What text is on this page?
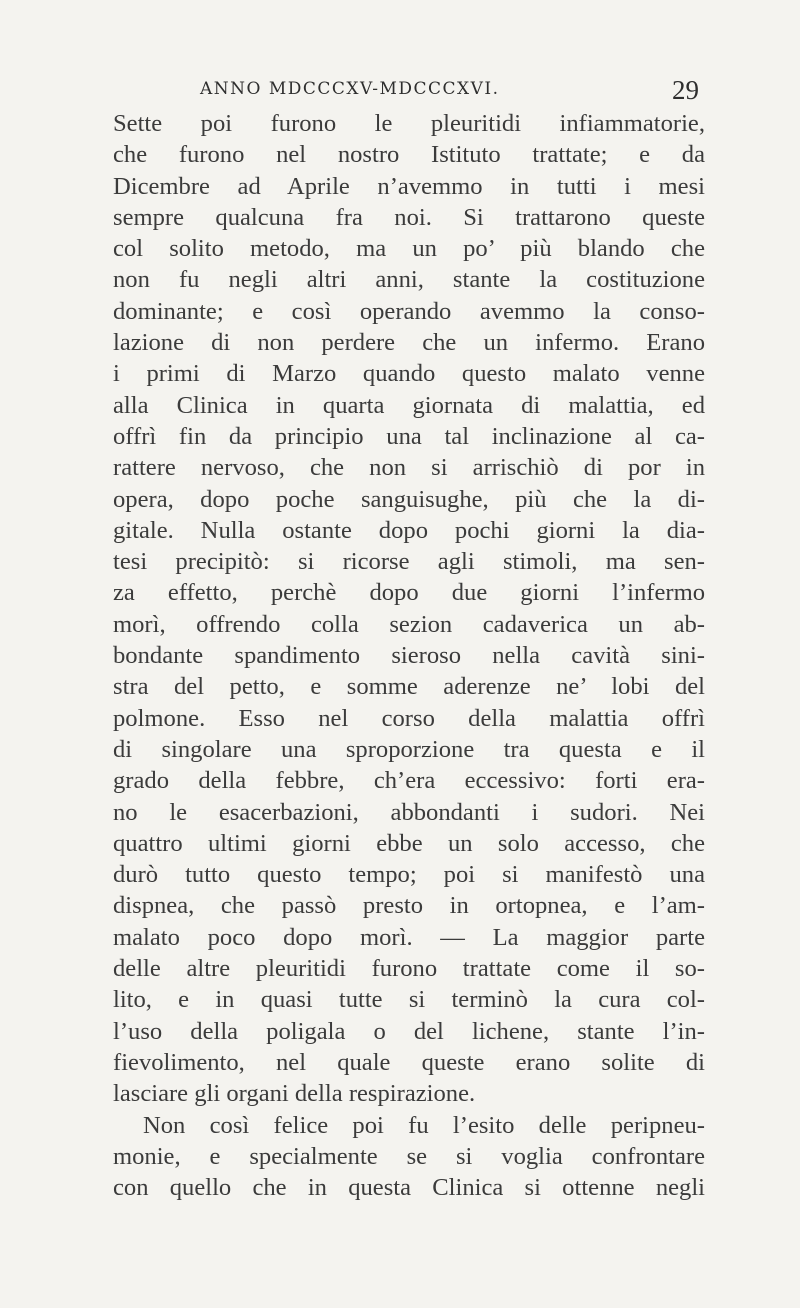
ANNO MDCCCXV-MDCCCXVI.	29
Sette poi furono le pleuritidi infiammatorie,
che furono nel nostro Istituto trattate; e da
Dicembre ad Aprile n’avemmo in tutti i mesi
sempre qualcuna fra noi. Si trattarono queste
col solito metodo, ma un po’ più blando che
non fu negli altri anni, stante la costituzione
dominante; e così operando avemmo la conso-
lazione di non perdere che un infermo. Erano
i primi di Marzo quando questo malato venne
alla Clinica in quarta giornata di malattia, ed
offrì fin da principio una tal inclinazione al ca-
rattere nervoso, che non si arrischiò di por in
opera, dopo poche sanguisughe, più che la di-
gitale. Nulla ostante dopo pochi giorni la dia-
tesi precipitò: si ricorse agli stimoli, ma sen-
za effetto, perchè dopo due giorni l’infermo
morì, offrendo colla sezion cadaverica un ab-
bondante spandimento sieroso nella cavità sini-
stra del petto, e somme aderenze ne’ lobi del
polmone. Esso nel corso della malattia offrì
di singolare una sproporzione tra questa e il
grado della febbre, ch’era eccessivo: forti era-
no le esacerbazioni, abbondanti i sudori. Nei
quattro ultimi giorni ebbe un solo accesso, che
durò tutto questo tempo; poi si manifestò una
dispnea, che passò presto in ortopnea, e l’am-
malato poco dopo morì. — La maggior parte
delle altre pleuritidi furono trattate come il so-
lito, e in quasi tutte si terminò la cura col-
l’uso della poligala o del lichene, stante l’in-
fievolimento, nel quale queste erano solite di
lasciare gli organi della respirazione.
Non così felice poi fu l’esito delle peripneu-
monie, e specialmente se si voglia confrontare
con quello che in questa Clinica si ottenne negli
